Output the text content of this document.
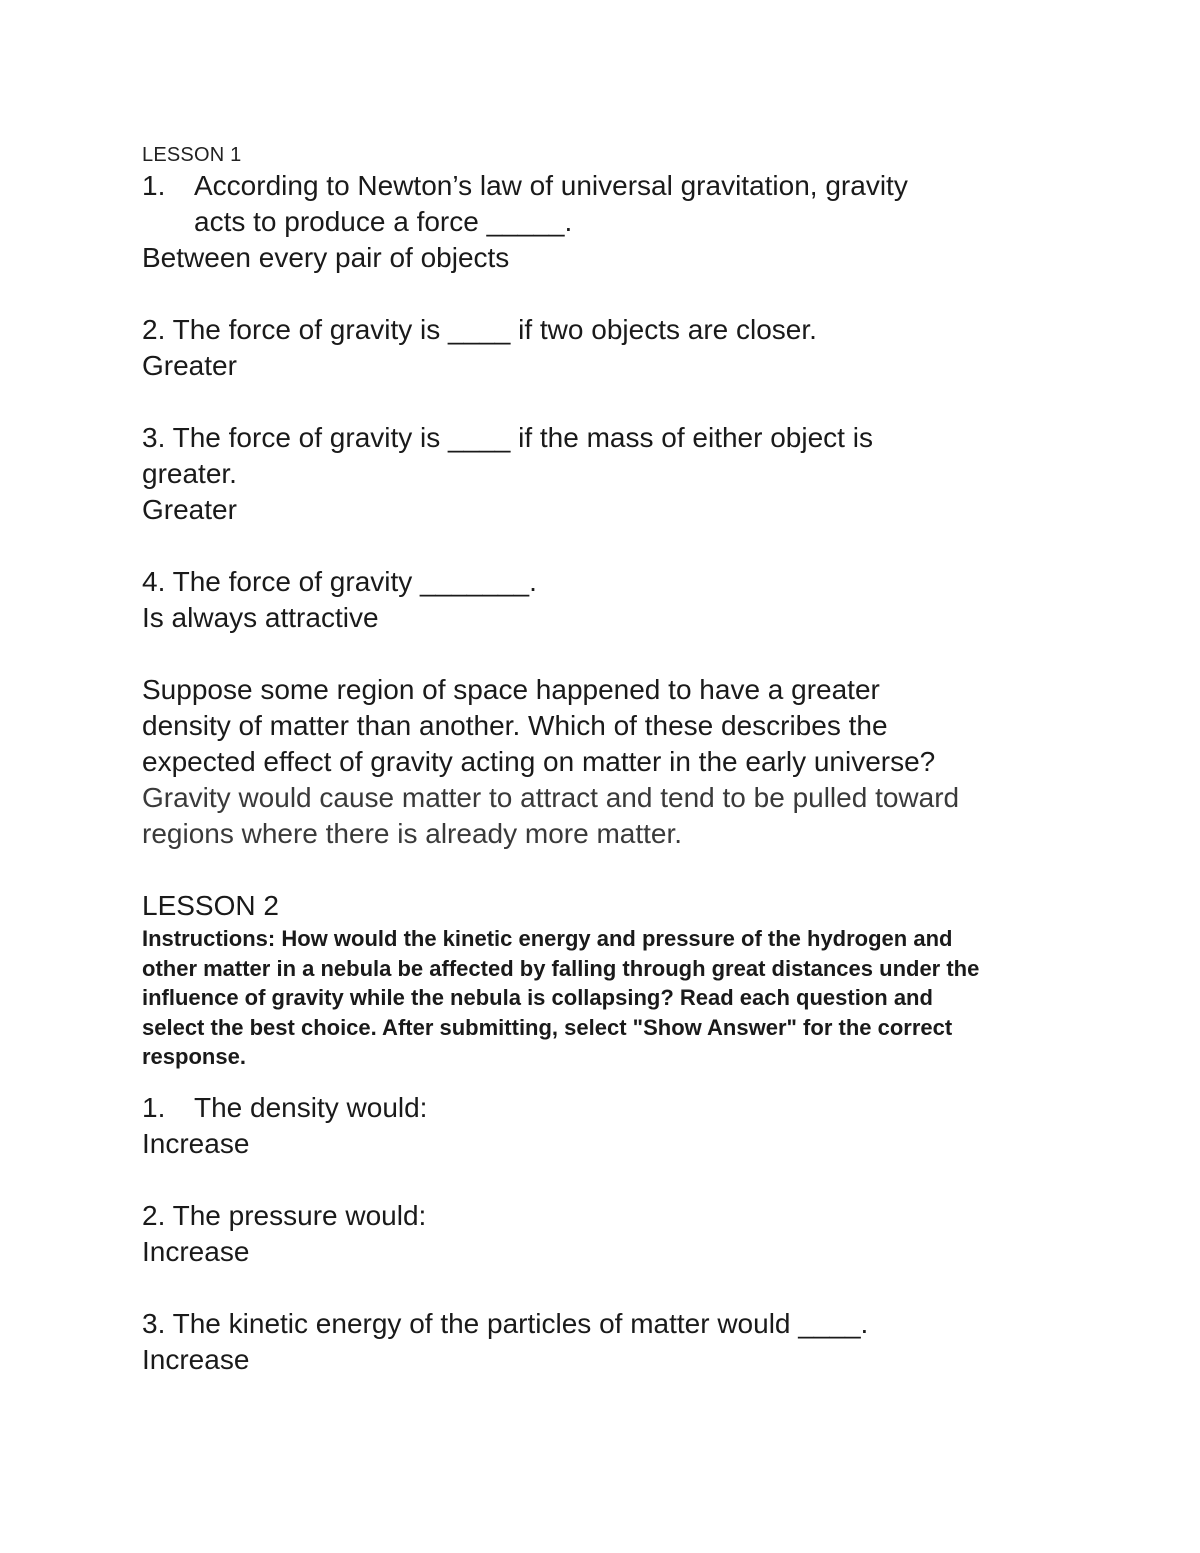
LESSON 1

1.	According to Newton’s law of universal gravitation, gravity
acts to produce a force _____.

Between every pair of objects

2. The force of gravity is ____ if two objects are closer.

Greater

3. The force of gravity is ____ if the mass of either object is

greater.

Greater

4. The force of gravity _______.

Is always attractive

Suppose some region of space happened to have a greater

density of matter than another. Which of these describes the

expected effect of gravity acting on matter in the early universe?

Gravity would cause matter to attract and tend to be pulled toward

regions where there is already more matter.

LESSON 2

Instructions: How would the kinetic energy and pressure of the hydrogen and
other matter in a nebula be affected by falling through great distances under the
influence of gravity while the nebula is collapsing? Read each question and
select the best choice. After submitting, select "Show Answer" for the correct
response.

1.	The density would:

Increase

2. The pressure would:

Increase

3. The kinetic energy of the particles of matter would ____.

Increase
